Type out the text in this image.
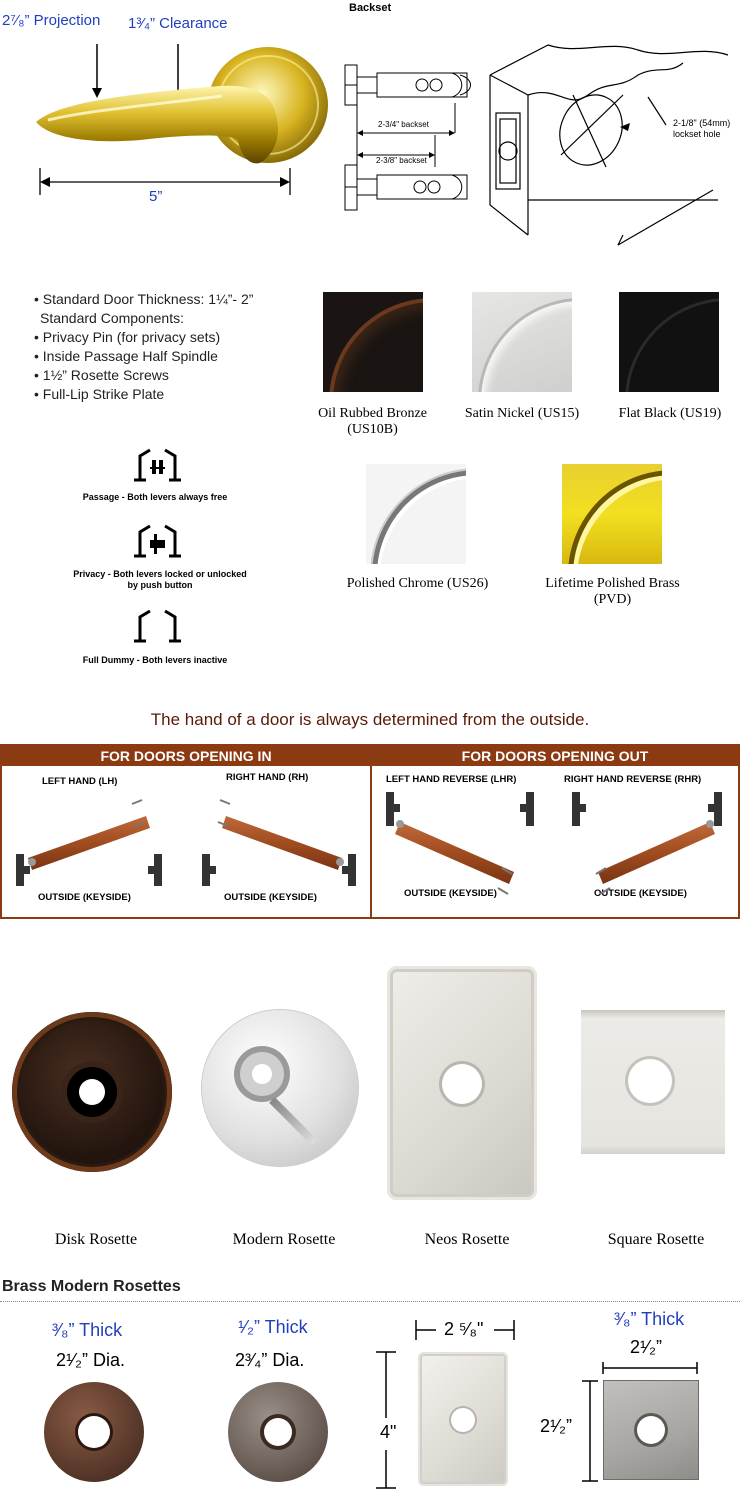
2⁷⁄₈” Projection 1³⁄₄” Clearance
5”
Backset
2-3/4" backset
2-3/8" backset
2-1/8" (54mm)
lockset hole
• Standard Door Thickness: 1¼”- 2”
Standard Components:
• Privacy Pin (for privacy sets)
• Inside Passage Half Spindle
• 1½” Rosette Screws
• Full-Lip Strike Plate
Oil Rubbed Bronze
(US10B)
Satin Nickel (US15)	Flat Black (US19)
Polished Chrome (US26)	Lifetime Polished Brass
(PVD)
Passage - Both levers always free
Privacy - Both levers locked or unlocked
by push button
Full Dummy - Both levers inactive
The hand of a door is always determined from the outside.
FOR DOORS OPENING IN	FOR DOORS OPENING OUT
LEFT HAND (LH)	RIGHT HAND (RH)	LEFT HAND REVERSE (LHR)	RIGHT HAND REVERSE (RHR)
OUTSIDE (KEYSIDE)	OUTSIDE (KEYSIDE)	OUTSIDE (KEYSIDE)	OUTSIDE (KEYSIDE)
Disk Rosette	Modern Rosette	Neos Rosette	Square Rosette
Brass Modern Rosettes
³⁄₈” Thick
2¹⁄₂” Dia.
¹⁄₂” Thick
2³⁄₄” Dia.
2 ⁵⁄₈"
4"
³⁄₈” Thick
2¹⁄₂”
2¹⁄₂”
